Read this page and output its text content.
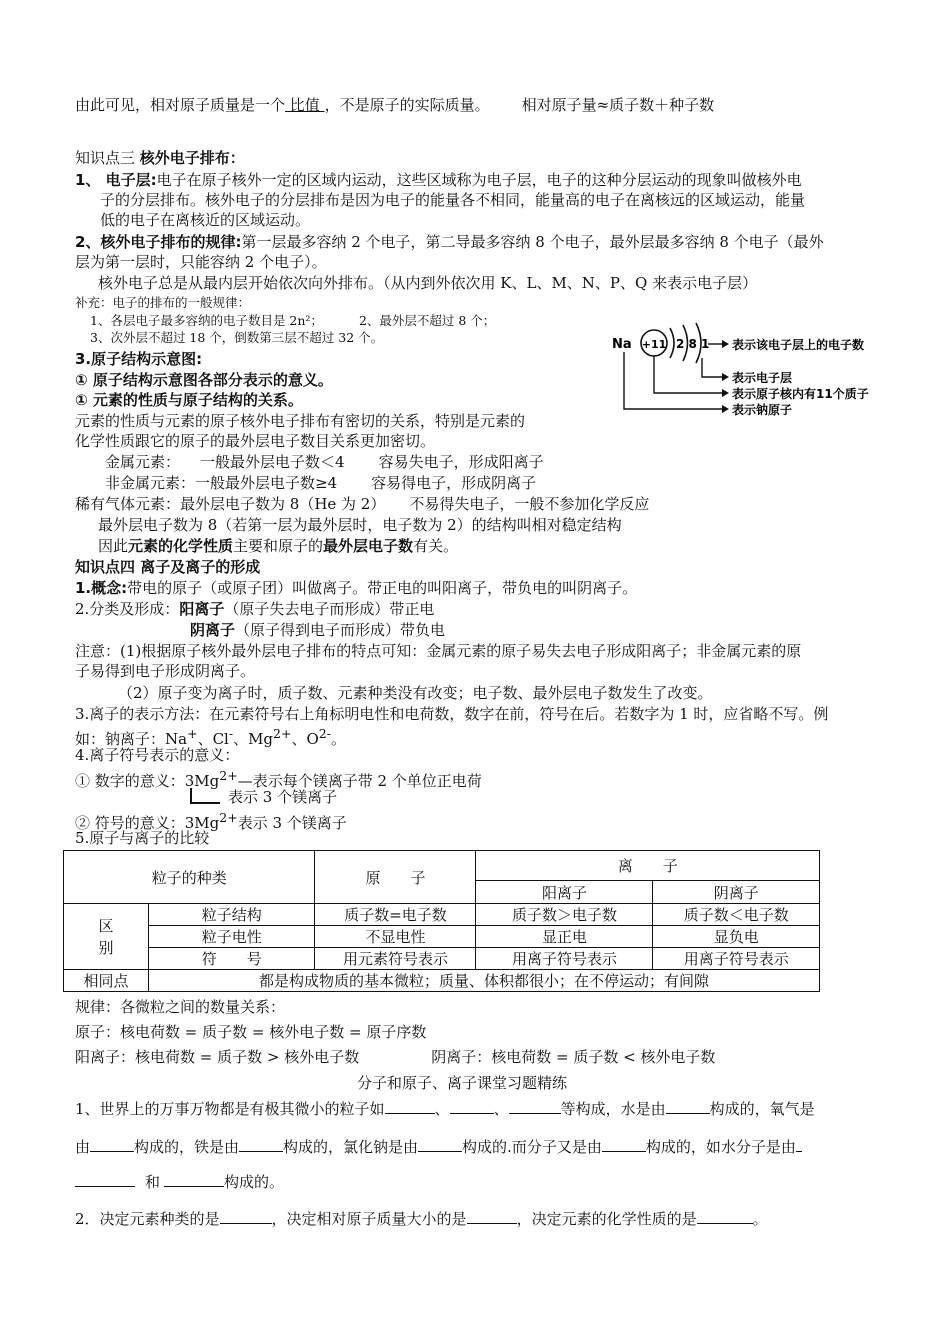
由此可见，相对原子质量是一个 比值 ，不是原子的实际质量。 相对原子量≈质子数＋种子数
知识点三 核外电子排布：
1、 电子层:电子在原子核外一定的区域内运动，这些区域称为电子层，电子的这种分层运动的现象叫做核外电
子的分层排布。核外电子的分层排布是因为电子的能量各不相同，能量高的电子在离核远的区域运动，能量
低的电子在离核近的区域运动。
2、核外电子排布的规律:第一层最多容纳 2 个电子，第二导最多容纳 8 个电子，最外层最多容纳 8 个电子（最外
层为第一层时，只能容纳 2 个电子）。
核外电子总是从最内层开始依次向外排布。（从内到外依次用 K、L、M、N、P、Q 来表示电子层）
补充：电子的排布的一般规律：
1、各层电子最多容纳的电子数目是 2n²；	2、最外层不超过 8 个；
3、次外层不超过 18 个，倒数第三层不超过 32 个。
3.原子结构示意图:
① 原子结构示意图各部分表示的意义。
① 元素的性质与原子结构的关系。
元素的性质与元素的原子核外电子排布有密切的关系，特别是元素的
化学性质跟它的原子的最外层电子数目关系更加密切。
金属元素： 一般最外层电子数＜4 容易失电子，形成阳离子
非金属元素：一般最外层电子数≥4 容易得电子，形成阴离子
稀有气体元素：最外层电子数为 8（He 为 2） 不易得失电子，一般不参加化学反应
最外层电子数为 8（若第一层为最外层时，电子数为 2）的结构叫相对稳定结构
因此元素的化学性质主要和原子的最外层电子数有关。
知识点四 离子及离子的形成
1.概念:带电的原子（或原子团）叫做离子。带正电的叫阳离子，带负电的叫阴离子。
2.分类及形成：阳离子（原子失去电子而形成）带正电
阴离子（原子得到电子而形成）带负电
注意：(1)根据原子核外最外层电子排布的特点可知：金属元素的原子易失去电子形成阳离子；非金属元素的原
子易得到电子形成阴离子。
（2）原子变为离子时，质子数、元素种类没有改变；电子数、最外层电子数发生了改变。
3.离子的表示方法：在元素符号右上角标明电性和电荷数，数字在前，符号在后。若数字为 1 时，应省略不写。例
如：钠离子：Na+、Cl-、$Mg^{2+}$、$O^{2-}$。
4.离子符号表示的意义：
① 数字的意义：$3Mg^{2+}—$表示每个镁离子带 2 个单位正电荷
表示 3 个镁离子
② 符号的意义：$3Mg^{2+}$表示 3 个镁离子
5.原子与离子的比较
粒子的种类		原　　子	离　　子	
			阳离子	阴离子
区
别	粒子结构	质子数=电子数	质子数＞电子数	质子数＜电子数
	粒子电性	不显电性	显正电	显负电
	符　　号	用元素符号表示	用离子符号表示	用离子符号表示
相同点	都是构成物质的基本微粒；质量、体积都很小；在不停运动；有间隙			
规律：各微粒之间的数量关系：
原子：核电荷数 = 质子数 = 核外电子数 = 原子序数
阳离子：核电荷数 = 质子数 > 核外电子数	阴离子：核电荷数 = 质子数 < 核外电子数
分子和原子、离子课堂习题精练
1、世界上的万事万物都是有极其微小的粒子如	、	、	等构成，水是由	构成的，氧气是
由	构成的，铁是由	构成的，氯化钠是由	构成的.而分子又是由	构成的，如水分子是由
和	构成的。
2．决定元素种类的是	，决定相对原子质量大小的是	，决定元素的化学性质的是	。
Na +11 2 8 1 表示该电子层上的电子数
表示电子层
表示原子核内有11个质子
表示钠原子
